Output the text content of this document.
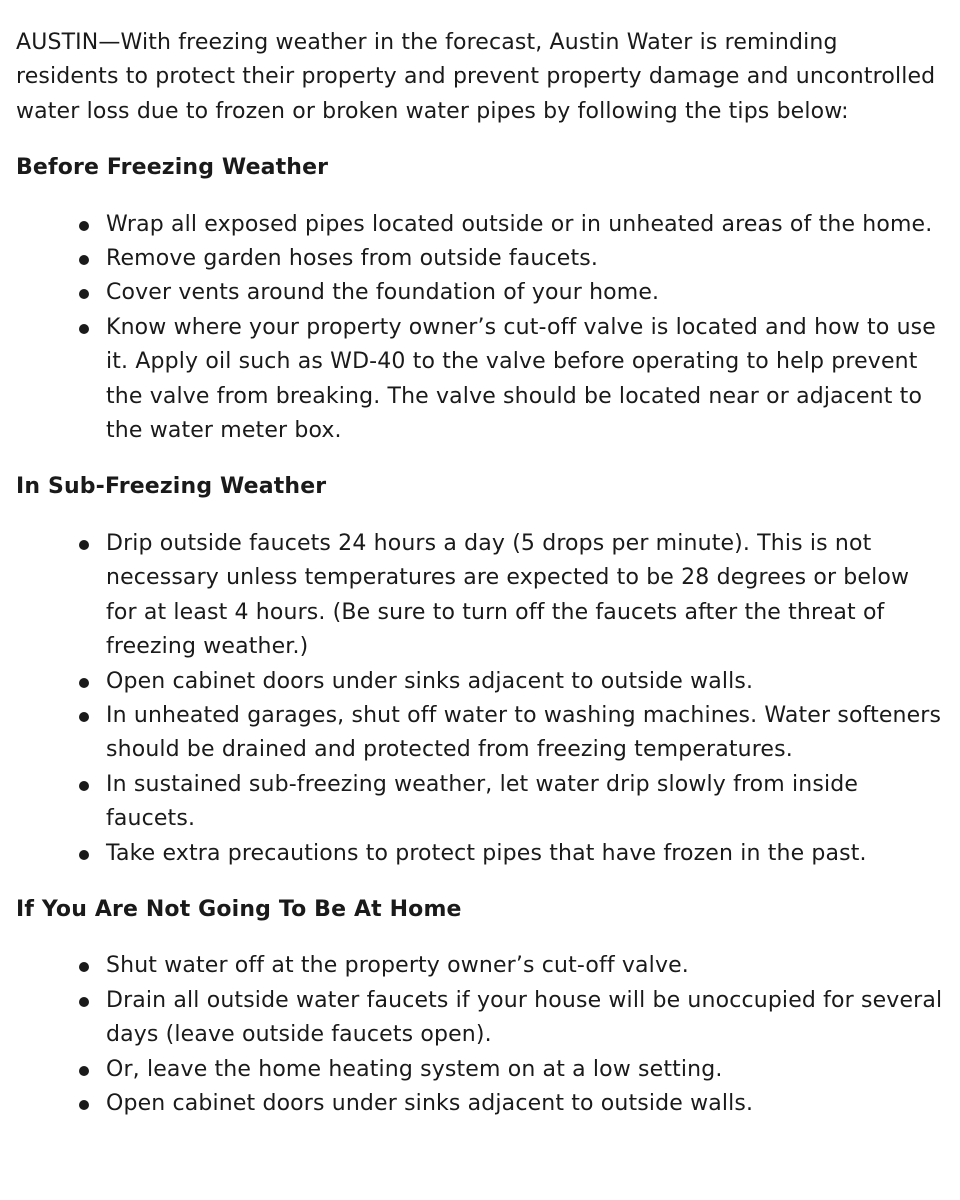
AUSTIN—With freezing weather in the forecast, Austin Water is reminding residents to protect their property and prevent property damage and uncontrolled water loss due to frozen or broken water pipes by following the tips below:

Before Freezing Weather
Wrap all exposed pipes located outside or in unheated areas of the home.
Remove garden hoses from outside faucets.
Cover vents around the foundation of your home.
Know where your property owner’s cut-off valve is located and how to use it. Apply oil such as WD-40 to the valve before operating to help prevent the valve from breaking. The valve should be located near or adjacent to the water meter box.
In Sub-Freezing Weather
Drip outside faucets 24 hours a day (5 drops per minute). This is not necessary unless temperatures are expected to be 28 degrees or below for at least 4 hours. (Be sure to turn off the faucets after the threat of freezing weather.)
Open cabinet doors under sinks adjacent to outside walls.
In unheated garages, shut off water to washing machines. Water softeners should be drained and protected from freezing temperatures.
In sustained sub-freezing weather, let water drip slowly from inside faucets.
Take extra precautions to protect pipes that have frozen in the past.
If You Are Not Going To Be At Home
Shut water off at the property owner’s cut-off valve.
Drain all outside water faucets if your house will be unoccupied for several days (leave outside faucets open).
Or, leave the home heating system on at a low setting.
Open cabinet doors under sinks adjacent to outside walls.
